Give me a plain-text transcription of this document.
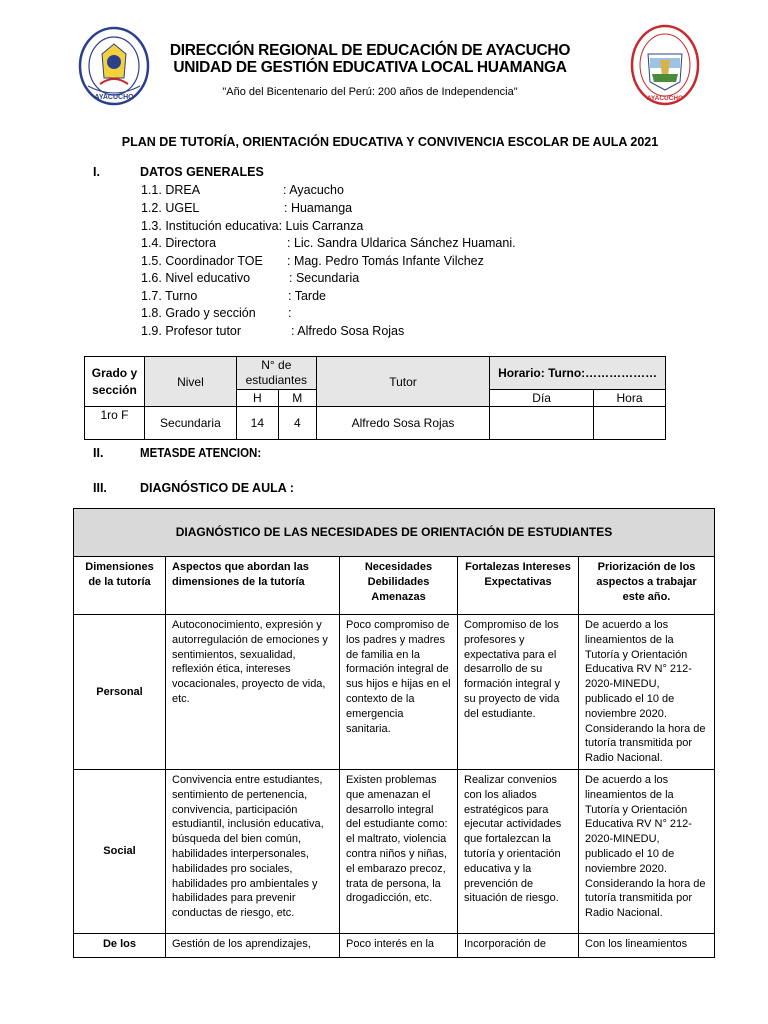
AYACUCHO	AYACUCHO
DIRECCIÓN REGIONAL DE EDUCACIÓN DE AYACUCHO
UNIDAD DE GESTIÓN EDUCATIVA LOCAL HUAMANGA
"Año del Bicentenario del Perú: 200 años de Independencia"
PLAN DE TUTORÍA, ORIENTACIÓN EDUCATIVA Y CONVIVENCIA ESCOLAR DE AULA 2021
I.	DATOS GENERALES
1.1. DREA	: Ayacucho
1.2. UGEL	: Huamanga
1.3. Institución educativa: Luis Carranza
1.4. Directora	: Lic. Sandra Uldarica Sánchez Huamani.
1.5. Coordinador TOE : Mag. Pedro Tomás Infante Vilchez
1.6. Nivel educativo	: Secundaria
1.7. Turno	: Tarde
1.8. Grado y sección	:
1.9. Profesor tutor	: Alfredo Sosa Rojas
Grado y sección	Nivel	N° de estudiantes		Tutor	Horario: Turno:………………	
		H	M		Día	Hora
1ro F	Secundaria	14	4	Alfredo Sosa Rojas		
II.	METASDE ATENCION:
III.	DIAGNÓSTICO DE AULA :
DIAGNÓSTICO DE LAS NECESIDADES DE ORIENTACIÓN DE ESTUDIANTES				
Dimensiones de la tutoría	Aspectos que abordan las dimensiones de la tutoría	Necesidades Debilidades Amenazas	Fortalezas Intereses Expectativas	Priorización de los aspectos a trabajar este año.
Personal	Autoconocimiento, expresión y autorregulación de emociones y sentimientos, sexualidad, reflexión ética, intereses vocacionales, proyecto de vida, etc.	Poco compromiso de los padres y madres de familia en la formación integral de sus hijos e hijas en el contexto de la emergencia sanitaria.	Compromiso de los profesores y expectativa para el desarrollo de su formación integral y su proyecto de vida del estudiante.	De acuerdo a los lineamientos de la Tutoría y Orientación Educativa RV N° 212-2020-MINEDU, publicado el 10 de noviembre 2020. Considerando la hora de tutoría transmitida por Radio Nacional.
Social	Convivencia entre estudiantes, sentimiento de pertenencia, convivencia, participación estudiantil, inclusión educativa, búsqueda del bien común, habilidades interpersonales, habilidades pro sociales, habilidades pro ambientales y habilidades para prevenir conductas de riesgo, etc.	Existen problemas que amenazan el desarrollo integral del estudiante como: el maltrato, violencia contra niños y niñas, el embarazo precoz, trata de persona, la drogadicción, etc.	Realizar convenios con los aliados estratégicos para ejecutar actividades que fortalezcan la tutoría y orientación educativa y la prevención de situación de riesgo.	De acuerdo a los lineamientos de la Tutoría y Orientación Educativa RV N° 212-2020-MINEDU, publicado el 10 de noviembre 2020. Considerando la hora de tutoría transmitida por Radio Nacional.
De los	Gestión de los aprendizajes,	Poco interés en la	Incorporación de	Con los lineamientos
